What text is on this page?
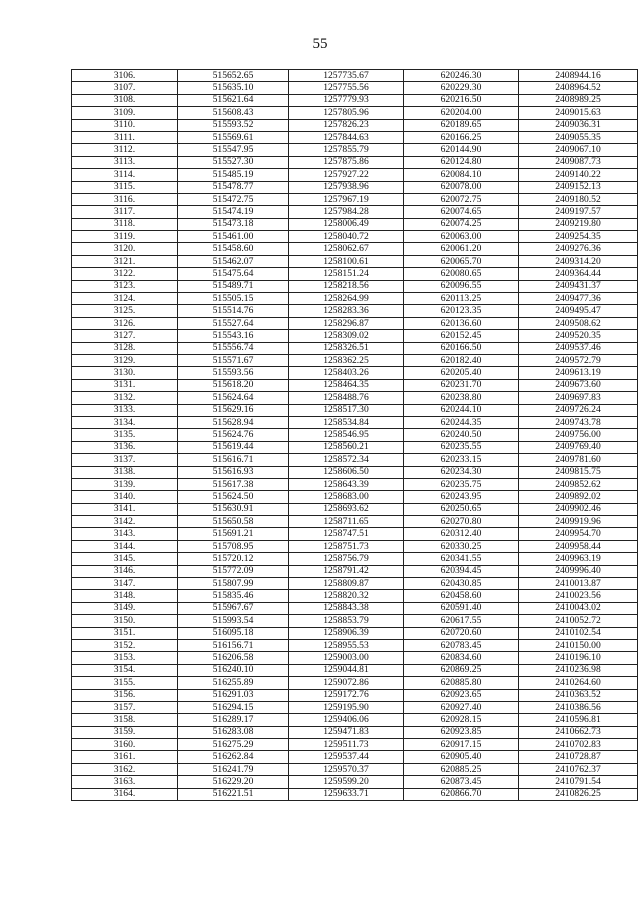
55
3106.	515652.65	1257735.67	620246.30	2408944.16
3107.	515635.10	1257755.56	620229.30	2408964.52
3108.	515621.64	1257779.93	620216.50	2408989.25
3109.	515608.43	1257805.96	620204.00	2409015.63
3110.	515593.52	1257826.23	620189.65	2409036.31
3111.	515569.61	1257844.63	620166.25	2409055.35
3112.	515547.95	1257855.79	620144.90	2409067.10
3113.	515527.30	1257875.86	620124.80	2409087.73
3114.	515485.19	1257927.22	620084.10	2409140.22
3115.	515478.77	1257938.96	620078.00	2409152.13
3116.	515472.75	1257967.19	620072.75	2409180.52
3117.	515474.19	1257984.28	620074.65	2409197.57
3118.	515473.18	1258006.49	620074.25	2409219.80
3119.	515461.00	1258040.72	620063.00	2409254.35
3120.	515458.60	1258062.67	620061.20	2409276.36
3121.	515462.07	1258100.61	620065.70	2409314.20
3122.	515475.64	1258151.24	620080.65	2409364.44
3123.	515489.71	1258218.56	620096.55	2409431.37
3124.	515505.15	1258264.99	620113.25	2409477.36
3125.	515514.76	1258283.36	620123.35	2409495.47
3126.	515527.64	1258296.87	620136.60	2409508.62
3127.	515543.16	1258309.02	620152.45	2409520.35
3128.	515556.74	1258326.51	620166.50	2409537.46
3129.	515571.67	1258362.25	620182.40	2409572.79
3130.	515593.56	1258403.26	620205.40	2409613.19
3131.	515618.20	1258464.35	620231.70	2409673.60
3132.	515624.64	1258488.76	620238.80	2409697.83
3133.	515629.16	1258517.30	620244.10	2409726.24
3134.	515628.94	1258534.84	620244.35	2409743.78
3135.	515624.76	1258546.95	620240.50	2409756.00
3136.	515619.44	1258560.21	620235.55	2409769.40
3137.	515616.71	1258572.34	620233.15	2409781.60
3138.	515616.93	1258606.50	620234.30	2409815.75
3139.	515617.38	1258643.39	620235.75	2409852.62
3140.	515624.50	1258683.00	620243.95	2409892.02
3141.	515630.91	1258693.62	620250.65	2409902.46
3142.	515650.58	1258711.65	620270.80	2409919.96
3143.	515691.21	1258747.51	620312.40	2409954.70
3144.	515708.95	1258751.73	620330.25	2409958.44
3145.	515720.12	1258756.79	620341.55	2409963.19
3146.	515772.09	1258791.42	620394.45	2409996.40
3147.	515807.99	1258809.87	620430.85	2410013.87
3148.	515835.46	1258820.32	620458.60	2410023.56
3149.	515967.67	1258843.38	620591.40	2410043.02
3150.	515993.54	1258853.79	620617.55	2410052.72
3151.	516095.18	1258906.39	620720.60	2410102.54
3152.	516156.71	1258955.53	620783.45	2410150.00
3153.	516206.58	1259003.00	620834.60	2410196.10
3154.	516240.10	1259044.81	620869.25	2410236.98
3155.	516255.89	1259072.86	620885.80	2410264.60
3156.	516291.03	1259172.76	620923.65	2410363.52
3157.	516294.15	1259195.90	620927.40	2410386.56
3158.	516289.17	1259406.06	620928.15	2410596.81
3159.	516283.08	1259471.83	620923.85	2410662.73
3160.	516275.29	1259511.73	620917.15	2410702.83
3161.	516262.84	1259537.44	620905.40	2410728.87
3162.	516241.79	1259570.37	620885.25	2410762.37
3163.	516229.20	1259599.20	620873.45	2410791.54
3164.	516221.51	1259633.71	620866.70	2410826.25
